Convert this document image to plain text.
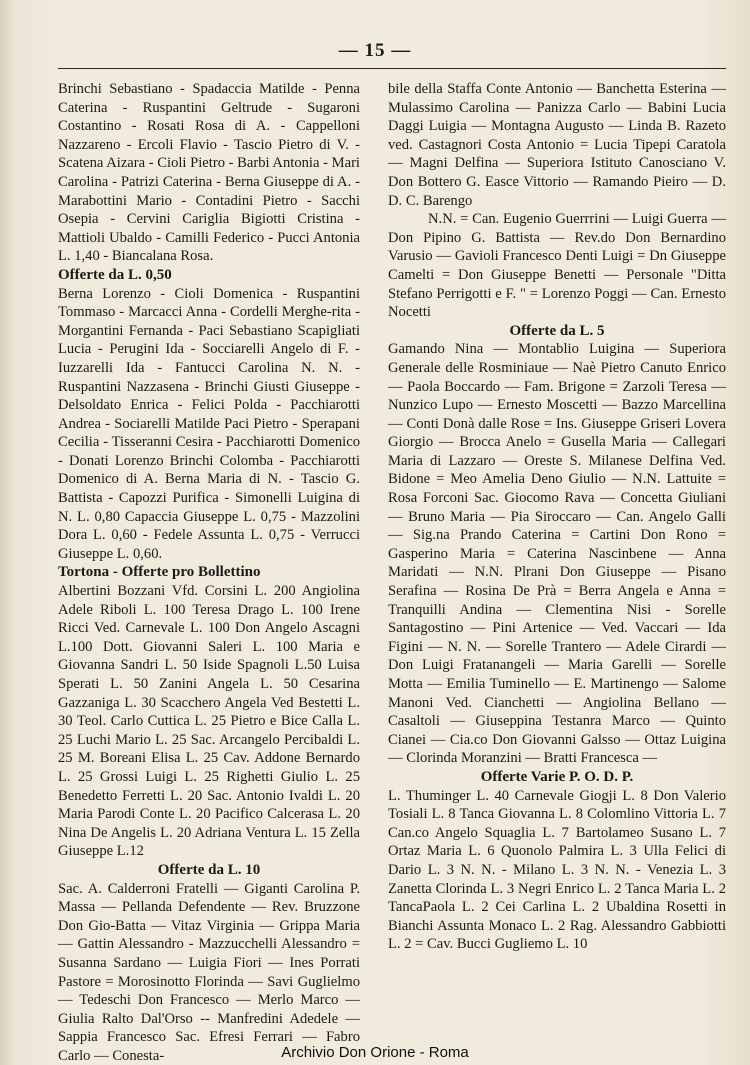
— 15 —

Brinchi Sebastiano - Spadaccia Matilde - Penna Caterina - Ruspantini Geltrude - Sugaroni Costantino - Rosati Rosa di A. - Cappelloni Nazzareno - Ercoli Flavio - Tascio Pietro di V. - Scatena Aizara - Cioli Pietro - Barbi Antonia - Mari Carolina - Patrizi Caterina - Berna Giuseppe di A. - Marabottini Mario - Contadini Pietro - Sacchi Osepia - Cervini Cariglia Bigiotti Cristina - Mattioli Ubaldo - Camilli Federico - Pucci Antonia L. 1,40 - Biancalana Rosa.

Offerte da L. 0,50

Berna Lorenzo - Cioli Domenica - Ruspantini Tommaso - Marcacci Anna - Cordelli Merghe-rita - Morgantini Fernanda - Paci Sebastiano Scapigliati Lucia - Perugini Ida - Socciarelli Angelo di F. - Iuzzarelli Ida - Fantucci Carolina N. N. - Ruspantini Nazzasena - Brinchi Giusti Giuseppe - Delsoldato Enrica - Felici Polda - Pacchiarotti Andrea - Sociarelli Matilde Paci Pietro - Sperapani Cecilia - Tisseranni Cesira - Pacchiarotti Domenico - Donati Lorenzo Brinchi Colomba - Pacchiarotti Domenico di A. Berna Maria di N. - Tascio G. Battista - Capozzi Purifica - Simonelli Luigina di N. L. 0,80 Capaccia Giuseppe L. 0,75 - Mazzolini Dora L. 0,60 - Fedele Assunta L. 0,75 - Verrucci Giuseppe L. 0,60.

Tortona - Offerte pro Bollettino

Albertini Bozzani Vfd. Corsini L. 200 Angiolina Adele Riboli L. 100 Teresa Drago L. 100 Irene Ricci Ved. Carnevale L. 100 Don Angelo Ascagni L.100 Dott. Giovanni Saleri L. 100 Maria e Giovanna Sandri L. 50 Iside Spagnoli L.50 Luisa Sperati L. 50 Zanini Angela L. 50 Cesarina Gazzaniga L. 30 Scacchero Angela Ved Bestetti L. 30 Teol. Carlo Cuttica L. 25 Pietro e Bice Calla L. 25 Luchi Mario L. 25 Sac. Arcangelo Percibaldi L. 25 M. Boreani Elisa L. 25 Cav. Addone Bernardo L. 25 Grossi Luigi L. 25 Righetti Giulio L. 25 Benedetto Ferretti L. 20 Sac. Antonio Ivaldi L. 20 Maria Parodi Conte L. 20 Pacifico Calcerasa L. 20 Nina De Angelis L. 20 Adriana Ventura L. 15 Zella Giuseppe L.12

Offerte da L. 10

Sac. A. Calderroni Fratelli — Giganti Carolina P. Massa — Pellanda Defendente — Rev. Bruzzone Don Gio-Batta — Vitaz Virginia — Grippa Maria — Gattin Alessandro - Mazzucchelli Alessandro = Susanna Sardano — Luigia Fiori — Ines Porrati Pastore = Morosinotto Florinda — Savi Guglielmo — Tedeschi Don Francesco — Merlo Marco — Giulia Ralto Dal'Orso -- Manfredini Adedele — Sappia Francesco Sac. Efresi Ferrari — Fabro Carlo — Conesta-

bile della Staffa Conte Antonio — Banchetta Esterina — Mulassimo Carolina — Panizza Carlo — Babini Lucia Daggi Luigia — Montagna Augusto — Linda B. Razeto ved. Castagnori Costa Antonio = Lucia Tipepi Caratola — Magni Delfina — Superiora Istituto Canosciano V. Don Bottero G. Easce Vittorio — Ramando Pieiro — D. D. C. Barengo

N.N. = Can. Eugenio Guerrrini — Luigi Guerra — Don Pipino G. Battista — Rev.do Don Bernardino Varusio — Gavioli Francesco Denti Luigi = Dn Giuseppe Camelti = Don Giuseppe Benetti — Personale "Ditta Stefano Perrigotti e F. " = Lorenzo Poggi — Can. Ernesto Nocetti

Offerte da L. 5

Gamando Nina — Montablio Luigina — Superiora Generale delle Rosminiaue — Naè Pietro Canuto Enrico — Paola Boccardo — Fam. Brigone = Zarzoli Teresa — Nunzico Lupo — Ernesto Moscetti — Bazzo Marcellina — Conti Donà dalle Rose = Ins. Giuseppe Griseri Lovera Giorgio — Brocca Anelo = Gusella Maria — Callegari Maria di Lazzaro — Oreste S. Milanese Delfina Ved. Bidone = Meo Amelia Deno Giulio — N.N. Lattuite = Rosa Forconi Sac. Giocomo Rava — Concetta Giuliani — Bruno Maria — Pia Siroccaro — Can. Angelo Galli — Sig.na Prando Caterina = Cartini Don Rono = Gasperino Maria = Caterina Nascinbene — Anna Maridati — N.N. Plrani Don Giuseppe — Pisano Serafina — Rosina De Prà = Berra Angela e Anna = Tranquilli Andina — Clementina Nisi - Sorelle Santagostino — Pini Artenice — Ved. Vaccari — Ida Figini — N. N. — Sorelle Trantero — Adele Cirardi — Don Luigi Fratanangeli — Maria Garelli — Sorelle Motta — Emilia Tuminello — E. Martinengo — Salome Manoni Ved. Cianchetti — Angiolina Bellano — Casaltoli — Giuseppina Testanra Marco — Quinto Cianei — Cia.co Don Giovanni Galsso — Ottaz Luigina — Clorinda Moranzini — Bratti Francesca —

Offerte Varie P. O. D. P.

L. Thuminger L. 40 Carnevale Giogji L. 8 Don Valerio Tosiali L. 8 Tanca Giovanna L. 8 Colomlino Vittoria L. 7 Can.co Angelo Squaglia L. 7 Bartolameo Susano L. 7 Ortaz Maria L. 6 Quonolo Palmira L. 3 Ulla Felici di Dario L. 3 N. N. - Milano L. 3 N. N. - Venezia L. 3 Zanetta Clorinda L. 3 Negri Enrico L. 2 Tanca Maria L. 2 TancaPaola L. 2 Cei Carlina L. 2 Ubaldina Rosetti in Bianchi Assunta Monaco L. 2 Rag. Alessandro Gabbiotti L. 2 = Cav. Bucci Gugliemo L. 10

Archivio Don Orione - Roma
